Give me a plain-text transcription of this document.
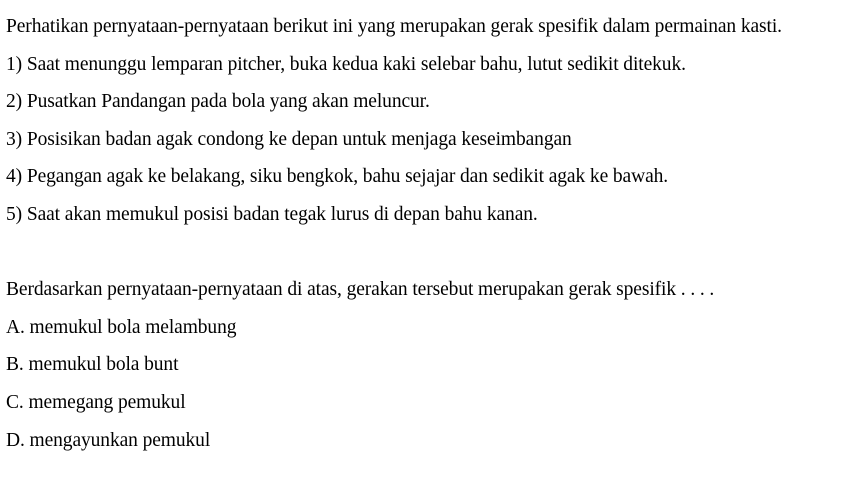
Perhatikan pernyataan-pernyataan berikut ini yang merupakan gerak spesifik dalam permainan kasti.
1) Saat menunggu lemparan pitcher, buka kedua kaki selebar bahu, lutut sedikit ditekuk.
2) Pusatkan Pandangan pada bola yang akan meluncur.
3) Posisikan badan agak condong ke depan untuk menjaga keseimbangan
4) Pegangan agak ke belakang, siku bengkok, bahu sejajar dan sedikit agak ke bawah.
5) Saat akan memukul posisi badan tegak lurus di depan bahu kanan.
Berdasarkan pernyataan-pernyataan di atas, gerakan tersebut merupakan gerak spesifik . . . .
A. memukul bola melambung
B. memukul bola bunt
C. memegang pemukul
D. mengayunkan pemukul
